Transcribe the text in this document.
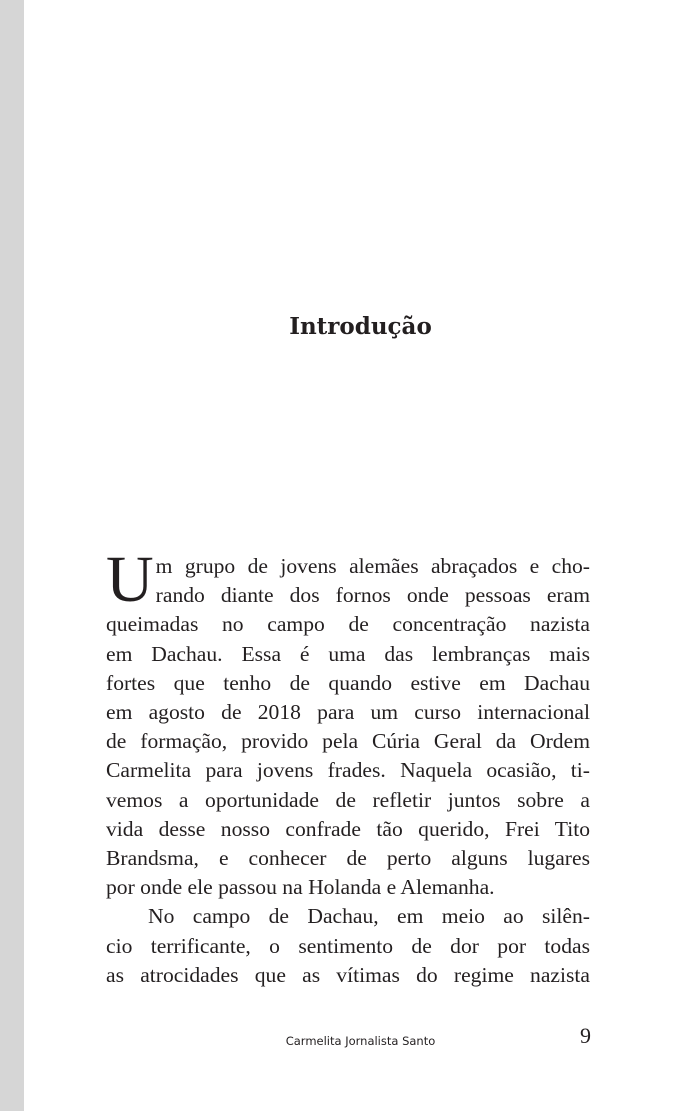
Introdução
U m grupo de jovens alemães abraçados e cho-
rando diante dos fornos onde pessoas eram
queimadas no campo de concentração nazista
em Dachau. Essa é uma das lembranças mais
fortes que tenho de quando estive em Dachau
em agosto de 2018 para um curso internacional
de formação, provido pela Cúria Geral da Ordem
Carmelita para jovens frades. Naquela ocasião, ti-
vemos a oportunidade de refletir juntos sobre a
vida desse nosso confrade tão querido, Frei Tito
Brandsma, e conhecer de perto alguns lugares
por onde ele passou na Holanda e Alemanha.
No campo de Dachau, em meio ao silên-
cio terrificante, o sentimento de dor por todas
as atrocidades que as vítimas do regime nazista
Carmelita Jornalista Santo	9
